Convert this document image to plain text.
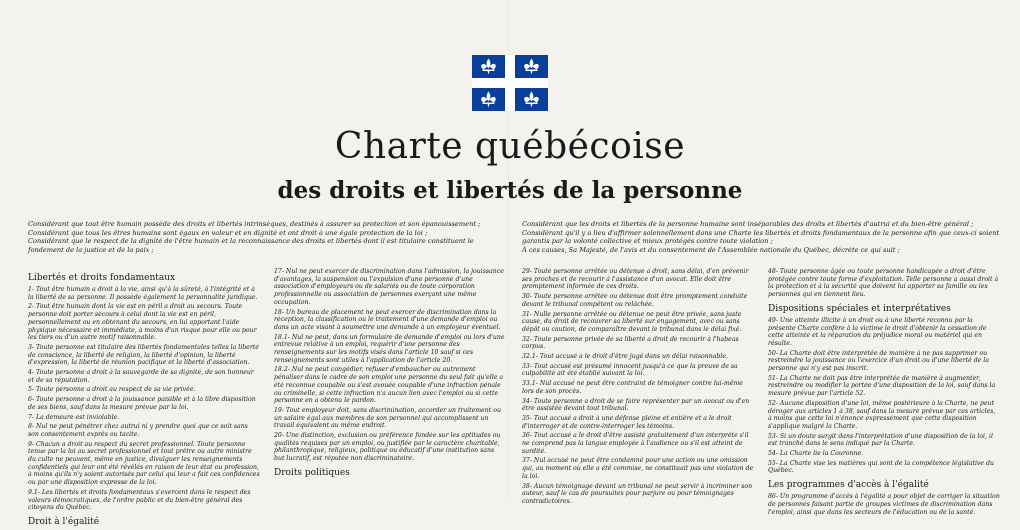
Charte québécoise
des droits et libertés de la personne
Considérant que tout être humain possède des droits et libertés intrinsèques, destinés à assurer sa protection et son épanouissement ;
Considérant que tous les êtres humains sont égaux en valeur et en dignité et ont droit à une égale protection de la loi ;
Considérant que le respect de la dignité de l'être humain et la reconnaissance des droits et libertés dont il est titulaire constituent le fondement de la justice et de la paix ;
Considérant que les droits et libertés de la personne humaine sont inséparables des droits et libertés d'autrui et du bien-être général ;
Considérant qu'il y a lieu d'affirmer solennellement dans une Charte les libertés et droits fondamentaux de la personne afin que ceux-ci soient garantis par la volonté collective et mieux protégés contre toute violation ;
À ces causes, Sa Majesté, de l'avis et du consentement de l'Assemblée nationale du Québec, décrète ce qui suit ;
Libertés et droits fondamentaux

1- Tout être humain a droit à la vie, ainsi qu'à la sûreté, à l'intégrité et à la liberté de sa personne. Il possède également la personnalité juridique.

2- Tout être humain dont la vie est en péril a droit au secours. Toute personne doit porter secours à celui dont la vie est en péril, personnellement ou en obtenant du secours, en lui apportant l'aide physique nécessaire et immédiate, à moins d'un risque pour elle ou pour les tiers ou d'un autre motif raisonnable.

3- Toute personne est titulaire des libertés fondamentales telles la liberté de conscience, la liberté de religion, la liberté d'opinion, la liberté d'expression, la liberté de réunion pacifique et la liberté d'association.

4- Toute personne a droit à la sauvegarde de sa dignité, de son honneur et de sa réputation.

5- Toute personne a droit au respect de sa vie privée.

6- Toute personne a droit à la jouissance paisible et à la libre disposition de ses biens, sauf dans la mesure prévue par la loi.

7- La demeure est inviolable.

8- Nul ne peut pénétrer chez autrui ni y prendre quoi que ce soit sans son consentement exprès ou tacite.

9- Chacun a droit au respect du secret professionnel. Toute personne tenue par la loi au secret professionnel et tout prêtre ou autre ministre du culte ne peuvent, même en justice, divulguer les renseignements confidentiels qui leur ont été révélés en raison de leur état ou profession, à moins qu'ils n'y soient autorisés par celui qui leur a fait ces confidences ou par une disposition expresse de la loi.

9.1- Les libertés et droits fondamentaux s'exercent dans le respect des valeurs démocratiques, de l'ordre public et du bien-être général des citoyens du Québec.

Droit à l'égalité

17- Nul ne peut exercer de discrimination dans l'admission, la jouissance d'avantages, la suspension ou l'expulsion d'une personne d'une association d'employeurs ou de salariés ou de toute corporation professionnelle ou association de personnes exerçant une même occupation.

18- Un bureau de placement ne peut exercer de discrimination dans la réception, la classification ou le traitement d'une demande d'emploi ou dans un acte visant à soumettre une demande à un employeur éventuel.

18.1- Nul ne peut, dans un formulaire de demande d'emploi ou lors d'une entrevue relative à un emploi, requérir d'une personne des renseignements sur les motifs visés dans l'article 10 sauf si ces renseignements sont utiles à l'application de l'article 20.

18.2- Nul ne peut congédier, refuser d'embaucher ou autrement pénaliser dans le cadre de son emploi une personne du seul fait qu'elle a été reconnue coupable ou s'est avouée coupable d'une infraction pénale ou criminelle, si cette infraction n'a aucun lien avec l'emploi ou si cette personne en a obtenu le pardon.

19- Tout employeur doit, sans discrimination, accorder un traitement ou un salaire égal aux membres de son personnel qui accomplissent un travail équivalent au même endroit.

20- Une distinction, exclusion ou préférence fondée sur les aptitudes ou qualités requises par un emploi, ou justifiée par le caractère charitable, philanthropique, religieux, politique ou éducatif d'une institution sans but lucratif, est réputée non discriminatoire.

Droits politiques

29- Toute personne arrêtée ou détenue a droit, sans délai, d'en prévenir ses proches et de recourir à l'assistance d'un avocat. Elle doit être promptement informée de ces droits.

30- Toute personne arrêtée ou détenue doit être promptement conduite devant le tribunal compétent ou relâchée.

31- Nulle personne arrêtée ou détenue ne peut être privée, sans juste cause, du droit de recouvrer sa liberté sur engagement, avec ou sans dépôt ou caution, de comparaître devant le tribunal dans le délai fixé.

32- Toute personne privée de sa liberté a droit de recourir à l'habeas corpus.

32.1- Tout accusé a le droit d'être jugé dans un délai raisonnable.

33- Tout accusé est présumé innocent jusqu'à ce que la preuve de sa culpabilité ait été établie suivant la loi.

33.1- Nul accusé ne peut être contraint de témoigner contre lui-même lors de son procès.

34- Toute personne a droit de se faire représenter par un avocat ou d'en être assistée devant tout tribunal.

35- Tout accusé a droit à une défense pleine et entière et a le droit d'interroger et de contre-interroger les témoins.

36- Tout accusé a le droit d'être assisté gratuitement d'un interprète s'il ne comprend pas la langue employée à l'audience ou s'il est atteint de surdité.

37- Nul accusé ne peut être condamné pour une action ou une omission qui, au moment où elle a été commise, ne constituait pas une violation de la loi.

38- Aucun témoignage devant un tribunal ne peut servir à incriminer son auteur, sauf le cas de poursuites pour parjure ou pour témoignages contradictoires.

48- Toute personne âgée ou toute personne handicapée a droit d'être protégée contre toute forme d'exploitation. Telle personne a aussi droit à la protection et à la sécurité que doivent lui apporter sa famille ou les personnes qui en tiennent lieu.

Dispositions spéciales et interprétatives

49- Une atteinte illicite à un droit ou à une liberté reconnu par la présente Charte confère à la victime le droit d'obtenir la cessation de cette atteinte et la réparation du préjudice moral ou matériel qui en résulte.

50- La Charte doit être interprétée de manière à ne pas supprimer ou restreindre la jouissance ou l'exercice d'un droit ou d'une liberté de la personne qui n'y est pas inscrit.

51- La Charte ne doit pas être interprétée de manière à augmenter, restreindre ou modifier la portée d'une disposition de la loi, sauf dans la mesure prévue par l'article 52.

52- Aucune disposition d'une loi, même postérieure à la Charte, ne peut déroger aux articles 1 à 38, sauf dans la mesure prévue par ces articles, à moins que cette loi n'énonce expressément que cette disposition s'applique malgré la Charte.

53- Si un doute surgit dans l'interprétation d'une disposition de la loi, il est tranché dans le sens indiqué par la Charte.

54- La Charte lie la Couronne.

55- La Charte vise les matières qui sont de la compétence législative du Québec.

Les programmes d'accès à l'égalité

86- Un programme d'accès à l'égalité a pour objet de corriger la situation de personnes faisant partie de groupes victimes de discrimination dans l'emploi, ainsi que dans les secteurs de l'éducation ou de la santé.
